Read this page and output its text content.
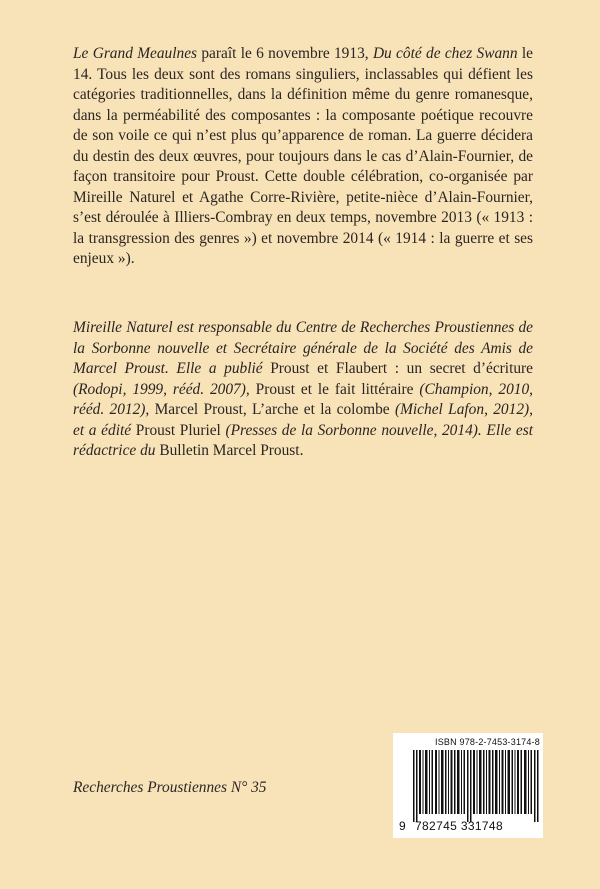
Le Grand Meaulnes paraît le 6 novembre 1913, Du côté de chez Swann le 14. Tous les deux sont des romans singuliers, inclassables qui défient les catégories traditionnelles, dans la définition même du genre romanesque, dans la perméabilité des composantes : la composante poétique recouvre de son voile ce qui n’est plus qu’apparence de roman. La guerre décidera du destin des deux œuvres, pour toujours dans le cas d’Alain-Fournier, de façon transitoire pour Proust. Cette double célébration, co-organisée par Mireille Naturel et Agathe Corre-Rivière, petite-nièce d’Alain-Fournier, s’est déroulée à Illiers-Combray en deux temps, novembre 2013 (« 1913 : la transgression des genres ») et novembre 2014 (« 1914 : la guerre et ses enjeux »).

Mireille Naturel est responsable du Centre de Recherches Proustiennes de la Sorbonne nouvelle et Secrétaire générale de la Société des Amis de Marcel Proust. Elle a publié Proust et Flaubert : un secret d’écriture (Rodopi, 1999, rééd. 2007), Proust et le fait littéraire (Champion, 2010, rééd. 2012), Marcel Proust, L’arche et la colombe (Michel Lafon, 2012), et a édité Proust Pluriel (Presses de la Sorbonne nouvelle, 2014). Elle est rédactrice du Bulletin Marcel Proust.

Recherches Proustiennes N° 35
ISBN 978-2-7453-3174-8
9 782745 331748
